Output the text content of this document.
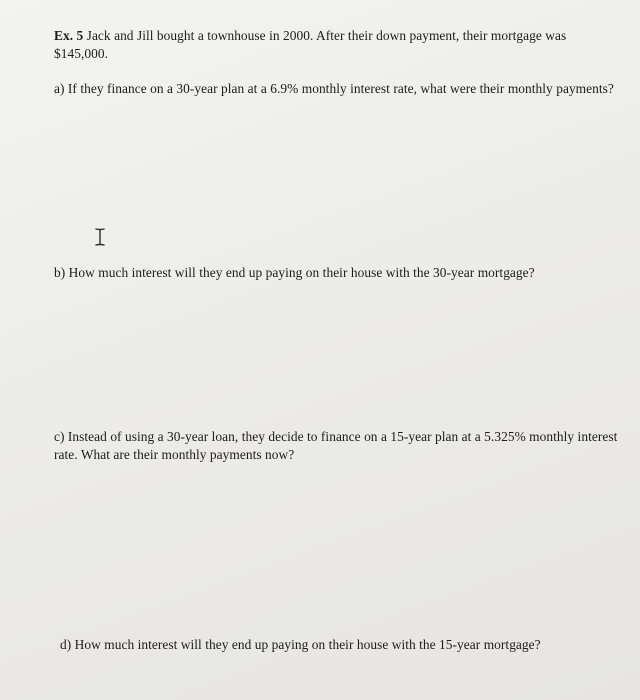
Ex. 5 Jack and Jill bought a townhouse in 2000. After their down payment, their mortgage was $145,000.
a) If they finance on a 30-year plan at a 6.9% monthly interest rate, what were their monthly payments?
b) How much interest will they end up paying on their house with the 30-year mortgage?
c) Instead of using a 30-year loan, they decide to finance on a 15-year plan at a 5.325% monthly interest rate. What are their monthly payments now?
d) How much interest will they end up paying on their house with the 15-year mortgage?
